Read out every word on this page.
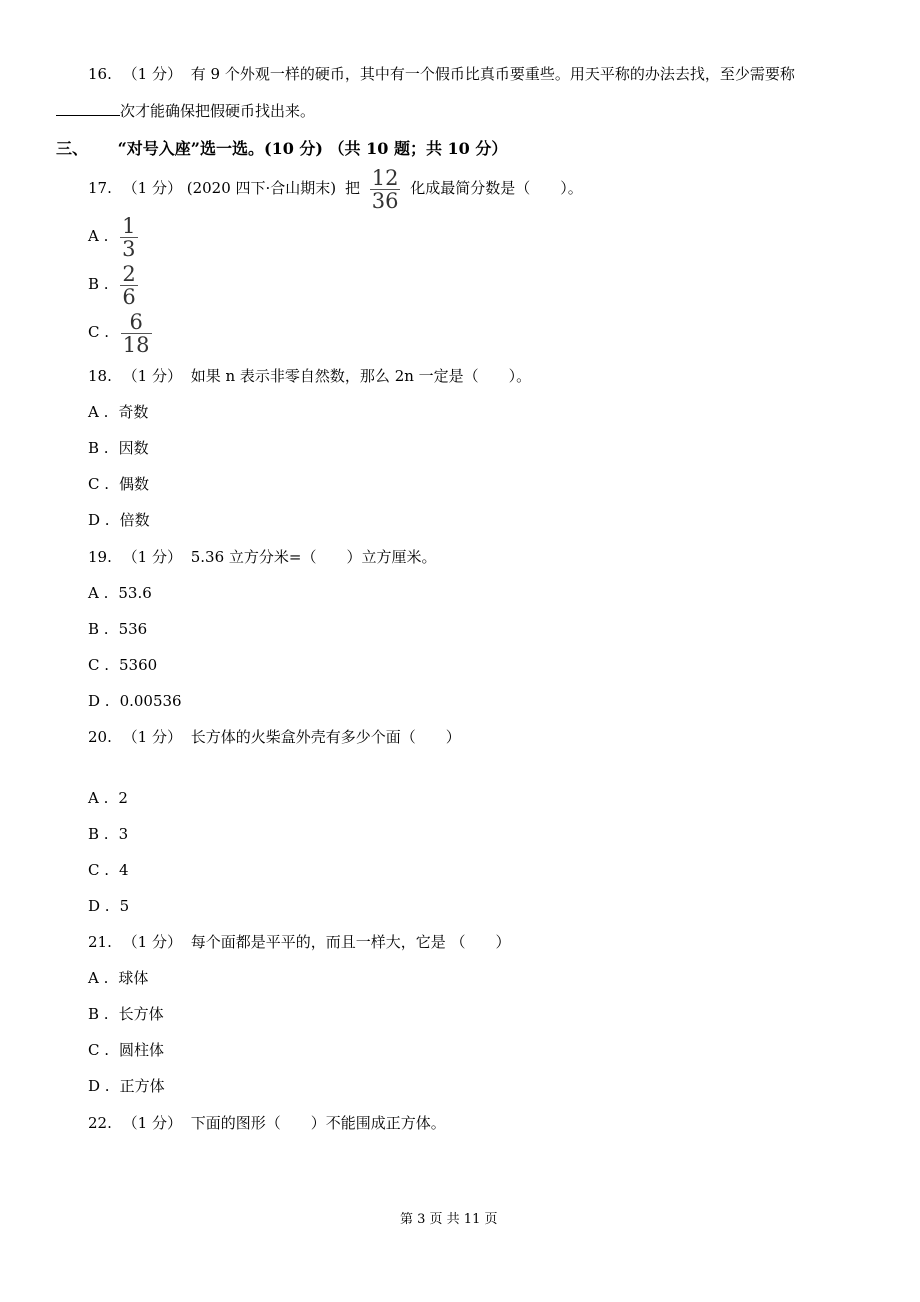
16. （1 分） 有 9 个外观一样的硬币，其中有一个假币比真币要重些。用天平称的办法去找，至少需要称
次才能确保把假硬币找出来。
三、 “对号入座”选一选。(10 分) （共 10 题；共 10 分）
17. （1 分） (2020 四下·合山期末) 把 $\frac{12}{36}$ 化成最简分数是（　　）。
A . $\frac{1}{3}$
B . $\frac{2}{6}$
C . $\frac{6}{18}$
18. （1 分） 如果 n 表示非零自然数，那么 2n 一定是（　　）。
A . 奇数
B . 因数
C . 偶数
D . 倍数
19. （1 分） 5.36 立方分米=（　　）立方厘米。
A . 53.6
B . 536
C . 5360
D . 0.00536
20. （1 分） 长方体的火柴盒外壳有多少个面（　　）
A . 2
B . 3
C . 4
D . 5
21. （1 分） 每个面都是平平的，而且一样大，它是 （　　）
A . 球体
B . 长方体
C . 圆柱体
D . 正方体
22. （1 分） 下面的图形（　　）不能围成正方体。
第 3 页 共 11 页
